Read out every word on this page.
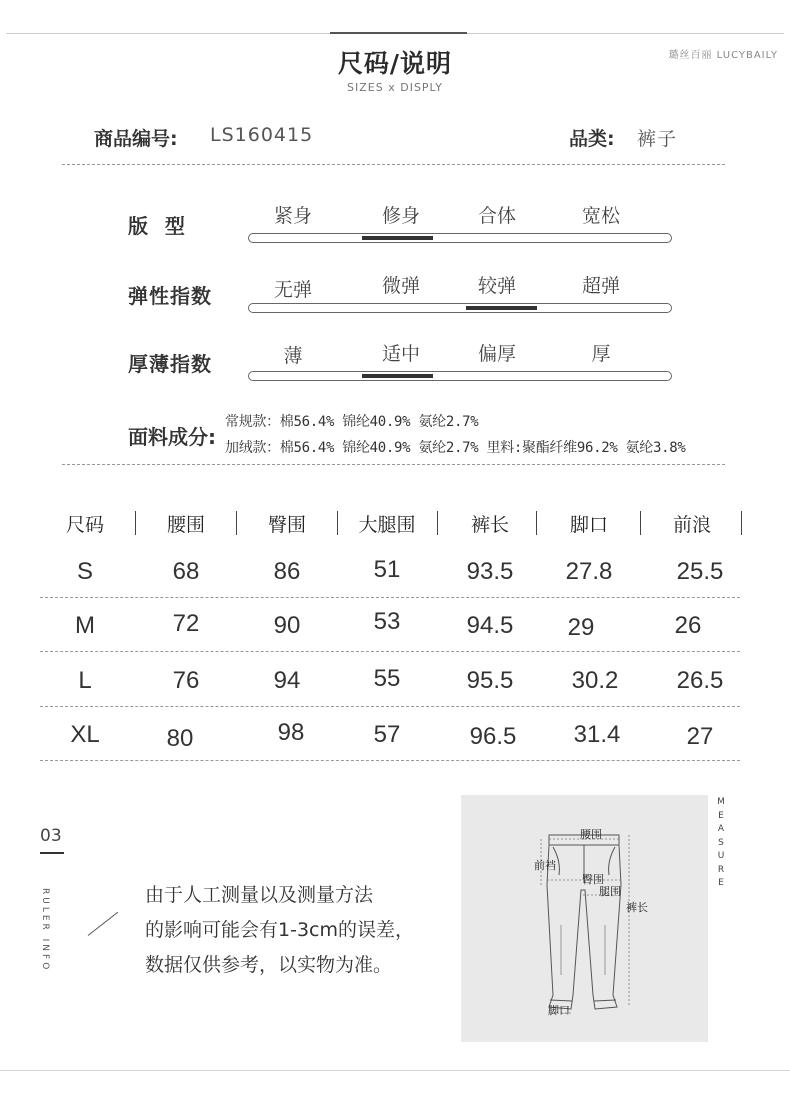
尺码/说明
SIZES x DISPLY
璐丝百丽 LUCYBAILY
商品编号: LS160415	品类: 裤子
版  型	紧身	修身	合体	宽松
弹性指数	无弹	微弹	较弹	超弹
厚薄指数	薄	适中	偏厚	厚
面料成分:
常规款：棉56.4% 锦纶40.9% 氨纶2.7%
加绒款：棉56.4% 锦纶40.9% 氨纶2.7% 里料:聚酯纤维96.2% 氨纶3.8%
尺码	腰围	臀围	大腿围	裤长	脚口	前浪
S	68	86	51	93.5	27.8	25.5
M	72	90	53	94.5	29	26
L	76	94	55	95.5	30.2	26.5
XL	80	98	57	96.5	31.4	27
03
RULER INFO	由于人工测量以及测量方法
的影响可能会有1-3cm的误差，
数据仅供参考，以实物为准。
腰围
前裆
臀围
腿围
裤长
脚口
M
E
A
S
U
R
E
